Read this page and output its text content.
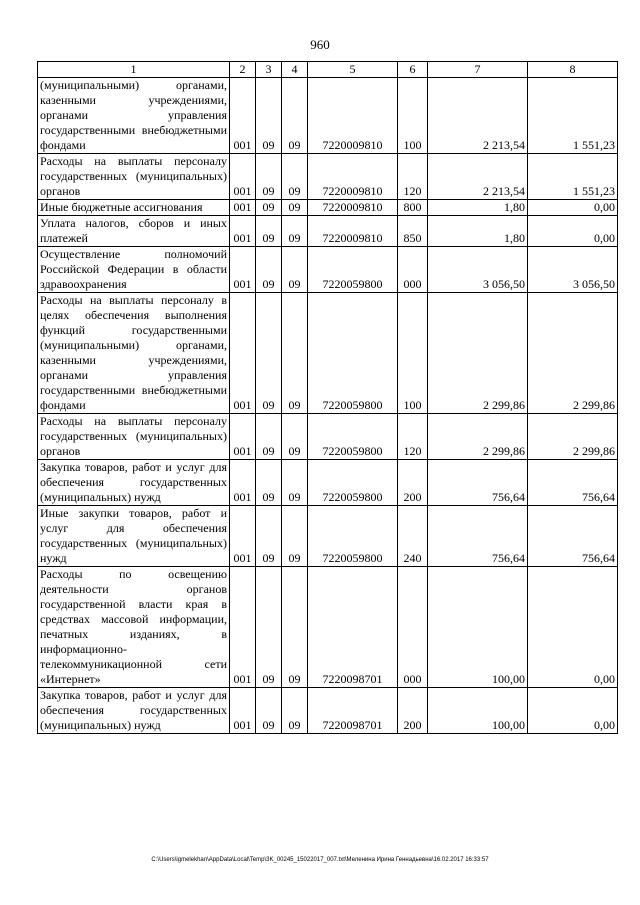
960
1	2	3	4	5	6	7	8
(муниципальными) органами, казенными учреждениями, органами управления государственными внебюджетными фондами	001	09	09	7220009810	100	2 213,54	1 551,23
Расходы на выплаты персоналу государственных (муниципальных) органов	001	09	09	7220009810	120	2 213,54	1 551,23
Иные бюджетные ассигнования	001	09	09	7220009810	800	1,80	0,00
Уплата налогов, сборов и иных платежей	001	09	09	7220009810	850	1,80	0,00
Осуществление полномочий Российской Федерации в области здравоохранения	001	09	09	7220059800	000	3 056,50	3 056,50
Расходы на выплаты персоналу в целях обеспечения выполнения функций государственными (муниципальными) органами, казенными учреждениями, органами управления государственными внебюджетными фондами	001	09	09	7220059800	100	2 299,86	2 299,86
Расходы на выплаты персоналу государственных (муниципальных) органов	001	09	09	7220059800	120	2 299,86	2 299,86
Закупка товаров, работ и услуг для обеспечения государственных (муниципальных) нужд	001	09	09	7220059800	200	756,64	756,64
Иные закупки товаров, работ и услуг для обеспечения государственных (муниципальных) нужд	001	09	09	7220059800	240	756,64	756,64
Расходы по освещению деятельности органов государственной власти края в средствах массовой информации, печатных изданиях, в информационно-телекоммуникационной сети «Интернет»	001	09	09	7220098701	000	100,00	0,00
Закупка товаров, работ и услуг для обеспечения государственных (муниципальных) нужд	001	09	09	7220098701	200	100,00	0,00
C:\Users\igmelekhan\AppData\Local\Temp\3K_00245_15022017_007.txt\Меленина Ирина Геннадьевна\16.02.2017 16:33:57
